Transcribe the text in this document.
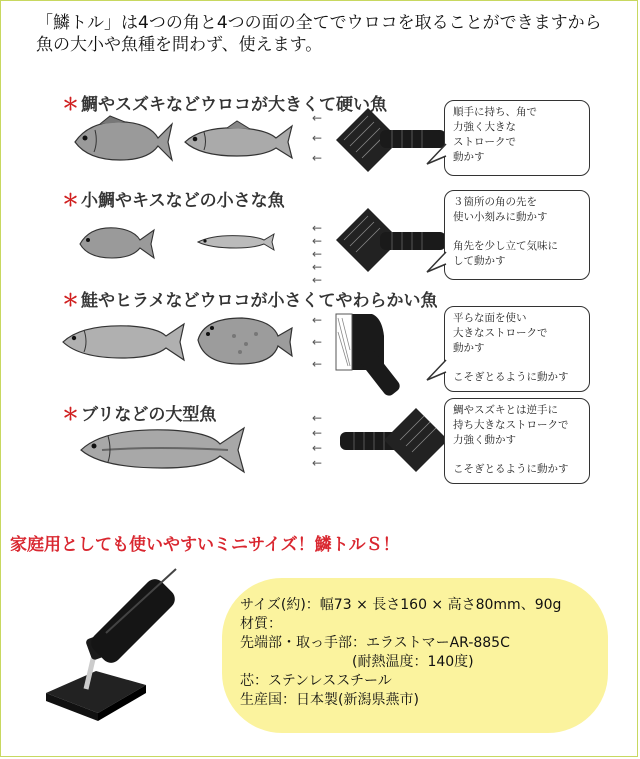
「鱗トル」は4つの角と4つの面の全てでウロコを取ることができますから

魚の大小や魚種を問わず、使えます。

＊ 鯛やスズキなどウロコが大きくて硬い魚
←
←
←

順手に持ち、角で

力強く大きな

ストロークで

動かす

＊ 小鯛やキスなどの小さな魚
←
←
←
←
←

３箇所の角の先を

使い小刻みに動かす

角先を少し立て気味に

して動かす

＊ 鮭やヒラメなどウロコが小さくてやわらかい魚
←
←
←

平らな面を使い

大きなストロークで

動かす

こそぎとるように動かす

＊ ブリなどの大型魚	←
←
←
←

鯛やスズキとは逆手に

持ち大きなストロークで

力強く動かす

こそぎとるように動かす

家庭用としても使いやすいミニサイズ！鱗トルＳ！

サイズ(約)：幅73 × 長さ160 × 高さ80mm、90g

材質：

先端部・取っ手部：エラストマーAR-885C

　　　　　　　　(耐熱温度：140度)

芯：ステンレススチール

生産国：日本製(新潟県燕市)
